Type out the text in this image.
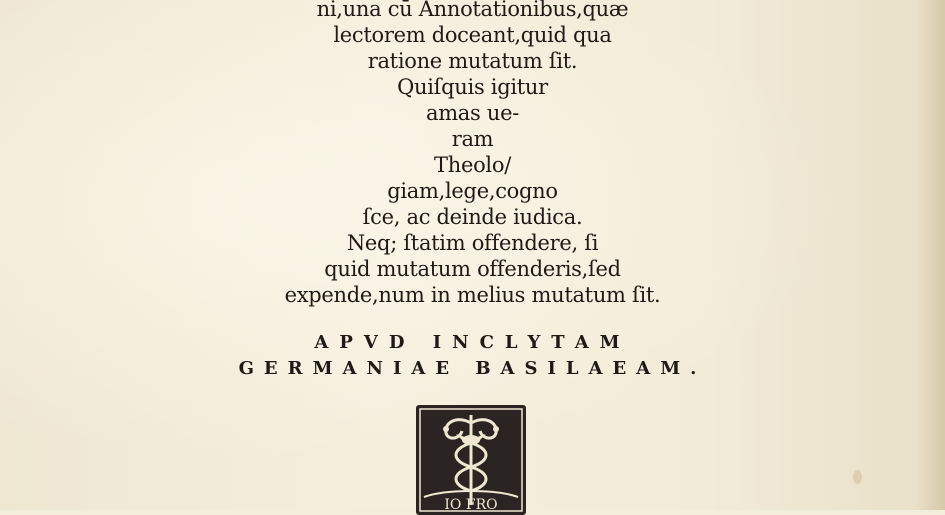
ni,una cū Annotationibus,quæ
lectorem doceant,quid qua
ratione mutatum ſit.
Quiſquis igitur
amas ue-
ram
Theolo/
giam,lege,cogno
ſce, ac deinde iudica.
Neq; ſtatim offendere, ſi
quid mutatum offenderis,ſed
expende,num in melius mutatum ſit.
APVD INCLYTAM
GERMANIAE BASILAEAM.
IO FRO
